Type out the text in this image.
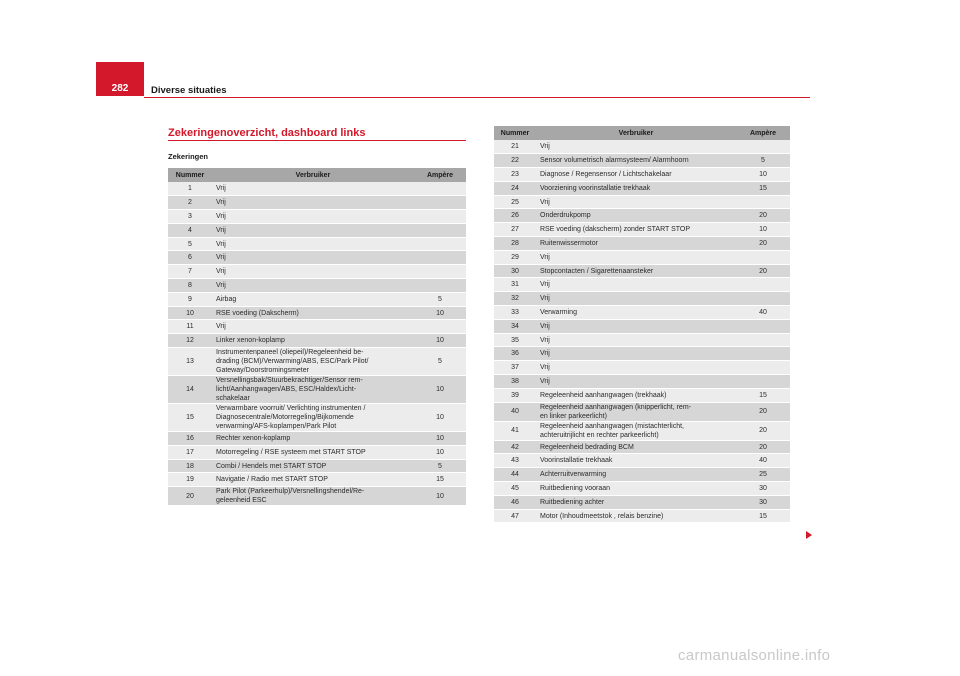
282	Diverse situaties
Zekeringenoverzicht, dashboard links
Zekeringen
Nummer	Verbruiker	Ampère
1	Vrij	
2	Vrij	
3	Vrij	
4	Vrij	
5	Vrij	
6	Vrij	
7	Vrij	
8	Vrij	
9	Airbag	5
10	RSE voeding (Dakscherm)	10
11	Vrij	
12	Linker xenon-koplamp	10
13	Instrumentenpaneel (oliepeil)/Regeleenheid be-
drading (BCM)/Verwarming/ABS, ESC/Park Pilot/
Gateway/Doorstromingsmeter	5
14	Versnellingsbak/Stuurbekrachtiger/Sensor rem-
licht/Aanhangwagen/ABS, ESC/Haldex/Licht-
schakelaar	10
15	Verwarmbare voorruit/ Verlichting instrumenten /
Diagnosecentrale/Motorregeling/Bijkomende
verwarming/AFS-koplampen/Park Pilot	10
16	Rechter xenon-koplamp	10
17	Motorregeling / RSE systeem met START STOP	10
18	Combi / Hendels met START STOP	5
19	Navigatie / Radio met START STOP	15
20	Park Pilot (Parkeerhulp)/Versnellingshendel/Re-
geleenheid ESC	10
Nummer	Verbruiker	Ampère
21	Vrij	
22	Sensor volumetrisch alarmsysteem/ Alarmhoorn	5
23	Diagnose / Regensensor / Lichtschakelaar	10
24	Voorziening voorinstallatie trekhaak	15
25	Vrij	
26	Onderdrukpomp	20
27	RSE voeding (dakscherm) zonder START STOP	10
28	Ruitenwissermotor	20
29	Vrij	
30	Stopcontacten / Sigarettenaansteker	20
31	Vrij	
32	Vrij	
33	Verwarming	40
34	Vrij	
35	Vrij	
36	Vrij	
37	Vrij	
38	Vrij	
39	Regeleenheid aanhangwagen (trekhaak)	15
40	Regeleenheid aanhangwagen (knipperlicht, rem-
en linker parkeerlicht)	20
41	Regeleenheid aanhangwagen (mistachterlicht,
achteruitrijlicht en rechter parkeerlicht)	20
42	Regeleenheid bedrading BCM	20
43	Voorinstallatie trekhaak	40
44	Achterruitverwarming	25
45	Ruitbediening vooraan	30
46	Ruitbediening achter	30
47	Motor (Inhoudmeetstok , relais benzine)	15
carmanualsonline.info
